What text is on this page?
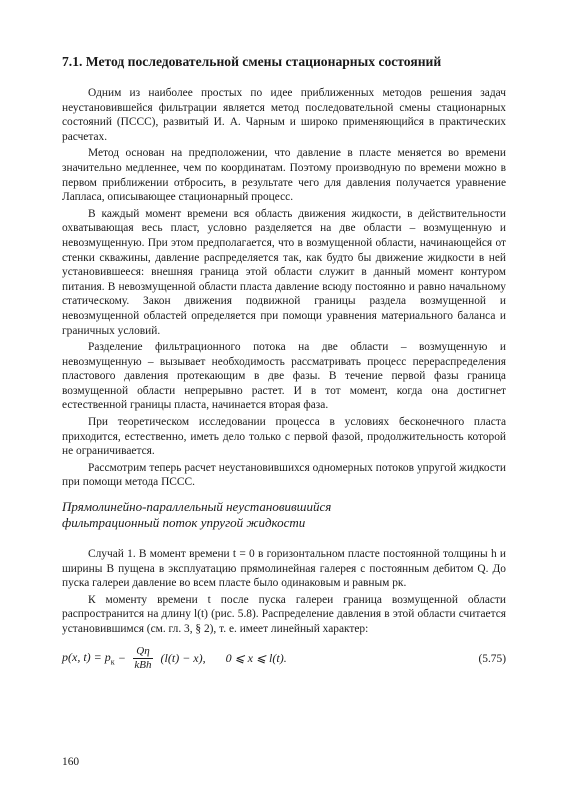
7.1. Метод последовательной смены стационарных состояний

Одним из наиболее простых по идее приближенных методов решения задач неустановившейся фильтрации является метод последовательной смены стационарных состояний (ПССС), развитый И. А. Чарным и широко применяющийся в практических расчетах.

Метод основан на предположении, что давление в пласте меняется во времени значительно медленнее, чем по координатам. Поэтому производную по времени можно в первом приближении отбросить, в результате чего для давления получается уравнение Лапласа, описывающее стационарный процесс.

В каждый момент времени вся область движения жидкости, в действительности охватывающая весь пласт, условно разделяется на две области – возмущенную и невозмущенную. При этом предполагается, что в возмущенной области, начинающейся от стенки скважины, давление распределяется так, как будто бы движение жидкости в ней установившееся: внешняя граница этой области служит в данный момент контуром питания. В невозмущенной области пласта давление всюду постоянно и равно начальному статическому. Закон движения подвижной границы раздела возмущенной и невозмущенной областей определяется при помощи уравнения материального баланса и граничных условий.

Разделение фильтрационного потока на две области – возмущенную и невозмущенную – вызывает необходимость рассматривать процесс перераспределения пластового давления протекающим в две фазы. В течение первой фазы граница возмущенной области непрерывно растет. И в тот момент, когда она достигнет естественной границы пласта, начинается вторая фаза.

При теоретическом исследовании процесса в условиях бесконечного пласта приходится, естественно, иметь дело только с первой фазой, продолжительность которой не ограничивается.

Рассмотрим теперь расчет неустановившихся одномерных потоков упругой жидкости при помощи метода ПССС.

Прямолинейно-параллельный неустановившийся
фильтрационный поток упругой жидкости

Случай 1. В момент времени t = 0 в горизонтальном пласте постоянной толщины h и ширины B пущена в эксплуатацию прямолинейная галерея с постоянным дебитом Q. До пуска галереи давление во всем пласте было одинаковым и равным pк.

К моменту времени t после пуска галереи граница возмущенной области распространится на длину l(t) (рис. 5.8). Распределение давления в этой области считается установившимся (см. гл. 3, § 2), т. е. имеет линейный характер:

p(x, $t) = p_к - \frac{Q\eta}{\text{kBh}} (l(t) - x)$, 0 ⩽ x ⩽ l(t).	(5.75)
160
